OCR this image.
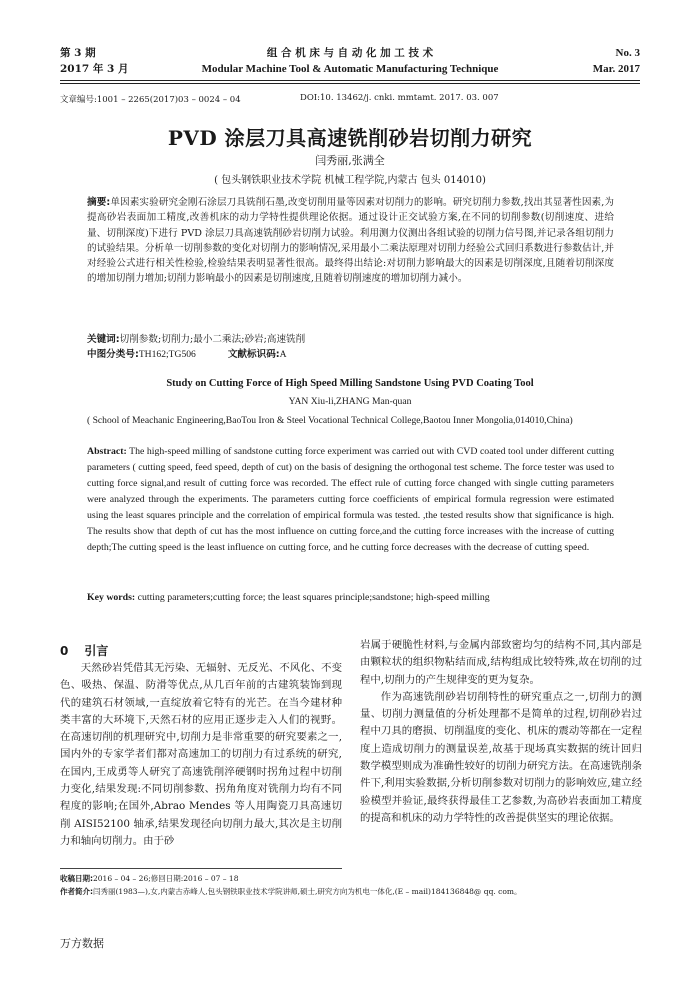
第 3 期
2017 年 3 月
组 合 机 床 与 自 动 化 加 工 技 术
Modular Machine Tool & Automatic Manufacturing Technique
No. 3
Mar. 2017
文章编号:1001 – 2265(2017)03 – 0024 – 04	DOI:10. 13462/j. cnki. mmtamt. 2017. 03. 007
PVD 涂层刀具高速铣削砂岩切削力研究
闫秀丽,张满全
( 包头钢铁职业技术学院 机械工程学院,内蒙古 包头 014010)
摘要:单因素实验研究金刚石涂层刀具铣削石墨,改变切削用量等因素对切削力的影响。研究切削力参数,找出其显著性因素,为提高砂岩表面加工精度,改善机床的动力学特性提供理论依据。通过设计正交试验方案,在不同的切削参数(切削速度、进给量、切削深度)下进行 PVD 涂层刀具高速铣削砂岩切削力试验。利用测力仪测出各组试验的切削力信号图,并记录各组切削力的试验结果。分析单一切削参数的变化对切削力的影响情况,采用最小二乘法原理对切削力经验公式回归系数进行参数估计,并对经验公式进行相关性检验,检验结果表明显著性很高。最终得出结论:对切削力影响最大的因素是切削深度,且随着切削深度的增加切削力增加;切削力影响最小的因素是切削速度,且随着切削速度的增加切削力减小。
关键词:切削参数;切削力;最小二乘法;砂岩;高速铣削
中图分类号:TH162;TG506	文献标识码:A
Study on Cutting Force of High Speed Milling Sandstone Using PVD Coating Tool
YAN Xiu-li,ZHANG Man-quan
( School of Meachanic Engineering,BaoTou Iron & Steel Vocational Technical College,Baotou Inner Mongolia,014010,China)
Abstract: The high-speed milling of sandstone cutting force experiment was carried out with CVD coated tool under different cutting parameters ( cutting speed, feed speed, depth of cut) on the basis of designing the orthogonal test scheme. The force tester was used to cutting force signal,and result of cutting force was recorded. The effect rule of cutting force changed with single cutting parameters were analyzed through the experiments. The parameters cutting force coefficients of empirical formula regression were estimated using the least squares principle and the correlation of empirical formula was tested. ,the tested results show that significance is high. The results show that depth of cut has the most influence on cutting force,and the cutting force increases with the increase of cutting depth;The cutting speed is the least influence on cutting force, and he cutting force decreases with the decrease of cutting speed.
Key words: cutting parameters;cutting force; the least squares principle;sandstone; high-speed milling
0 引言

天然砂岩凭借其无污染、无辐射、无反光、不风化、不变色、吸热、保温、防滑等优点,从几百年前的古建筑装饰到现代的建筑石材领域,一直绽放着它特有的光芒。在当今建材种类丰富的大环境下,天然石材的应用正逐步走入人们的视野。在高速切削的机理研究中,切削力是非常重要的研究要素之一,国内外的专家学者们都对高速加工的切削力有过系统的研究,在国内,王成勇等人研究了高速铣削淬硬钢时拐角过程中切削力变化,结果发现:不同切削参数、拐角角度对铣削力均有不同程度的影响;在国外,Abrao Mendes 等人用陶瓷刀具高速切削 AISI52100 轴承,结果发现径向切削力最大,其次是主切削力和轴向切削力。由于砂

岩属于硬脆性材料,与金属内部致密均匀的结构不同,其内部是由颗粒状的组织物粘结而成,结构组成比较特殊,故在切削的过程中,切削力的产生规律变的更为复杂。

作为高速铣削砂岩切削特性的研究重点之一,切削力的测量、切削力测量值的分析处理都不是简单的过程,切削砂岩过程中刀具的磨损、切削温度的变化、机床的震动等都在一定程度上造成切削力的测量误差,故基于现场真实数据的统计回归数学模型则成为准确性较好的切削力研究方法。在高速铣削条件下,利用实验数据,分析切削参数对切削力的影响效应,建立经验模型并验证,最终获得最佳工艺参数,为高砂岩表面加工精度的提高和机床的动力学特性的改善提供坚实的理论依据。

收稿日期:2016 – 04 – 26;修回日期:2016 – 07 – 18
作者简介:闫秀丽(1983—),女,内蒙古赤峰人,包头钢铁职业技术学院讲师,硕士,研究方向为机电一体化,(E – mail)184136848@ qq. com。
万方数据
